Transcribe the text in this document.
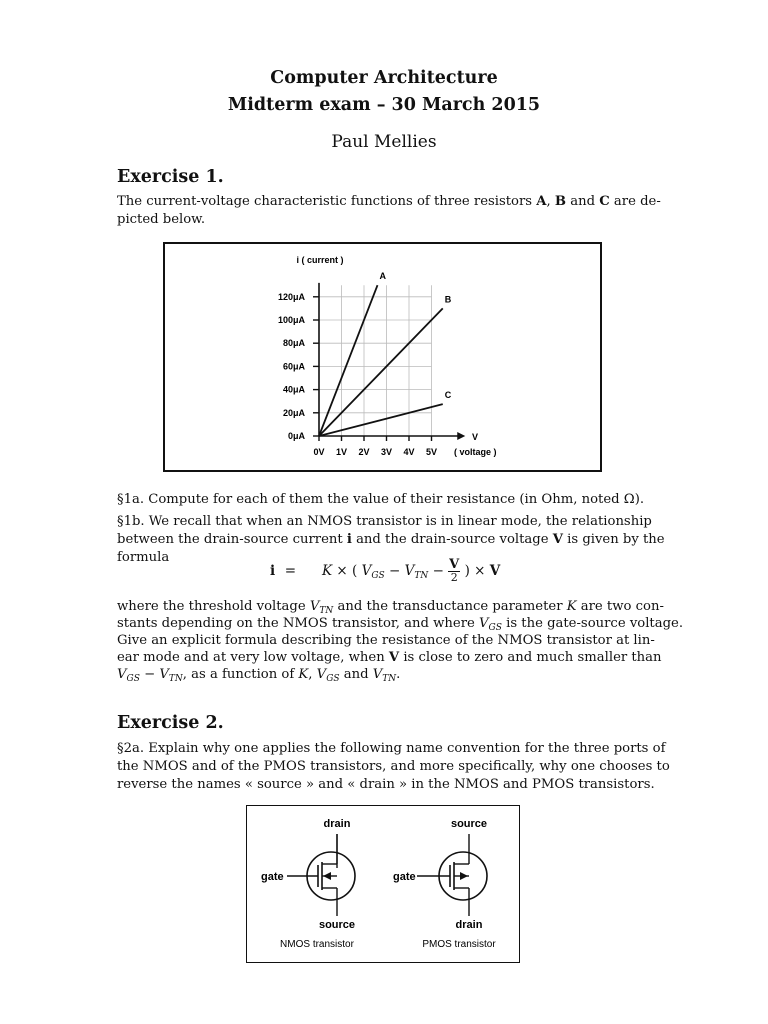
Computer Architecture
Midterm exam – 30 March 2015
Paul Mellies
Exercise 1.
The current-voltage characteristic functions of three resistors A, B and C are de-
picted below.
0μA
20μA
40μA
60μA
80μA
100μA
120μA
0V 1V 2V 3V 4V 5V
i ( current )
V
( voltage )
A
B
C
§1a. Compute for each of them the value of their resistance (in Ohm, noted Ω).
§1b. We recall that when an NMOS transistor is in linear mode, the relationship
between the drain-source current i and the drain-source voltage V is given by the
formula
i = K × ( $V_{GS} - V_{TN} - \frac{V}{2}$ ) × V
where the threshold voltage $V_{TN}$ and the transductance parameter K are two con-
stants depending on the NMOS transistor, and where $V_{GS}$ is the gate-source voltage.
Give an explicit formula describing the resistance of the NMOS transistor at lin-
ear mode and at very low voltage, when V is close to zero and much smaller than
$V_{GS} - V_{TN}$, as a function of K, $V_{GS}$ and $V_{TN}$.
Exercise 2.
§2a. Explain why one applies the following name convention for the three ports of
the NMOS and of the PMOS transistors, and more specifically, why one chooses to
reverse the names « source » and « drain » in the NMOS and PMOS transistors.
drain
gate
source
NMOS transistor
source
gate
drain
PMOS transistor
